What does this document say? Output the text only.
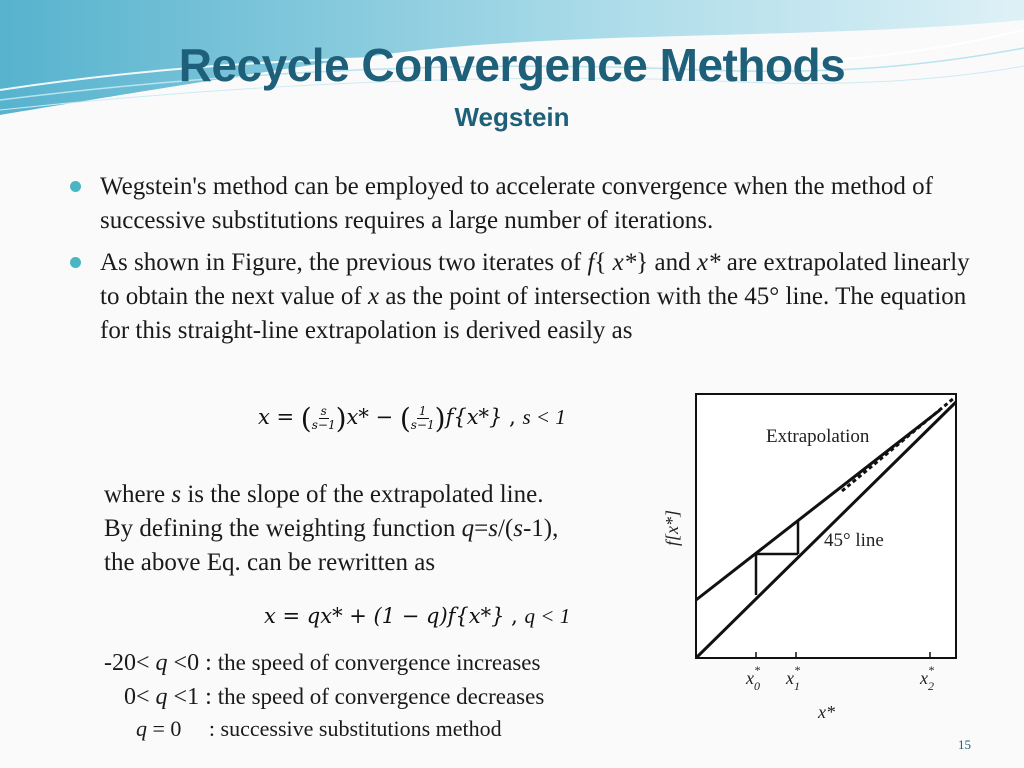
Recycle Convergence Methods
Wegstein
Wegstein's method can be employed to accelerate convergence when the method of successive substitutions requires a large number of iterations.
As shown in Figure, the previous two iterates of f{ x*} and x* are extrapolated linearly to obtain the next value of x as the point of intersection with the 45° line. The equation for this straight-line extrapolation is derived easily as
x = ( $\frac{s}{s-1} )x*$ − ( $\frac{1}{s-1} )f\{x*\}$ , s < 1
where s is the slope of the extrapolated line.
By defining the weighting function q=s/(s-1),
the above Eq. can be rewritten as
x = qx* + (1 − q)f{x*} , q < 1
-20< q <0 : the speed of convergence increases
0< q <1 : the speed of convergence decreases
q = 0     : successive substitutions method
Extrapolation
45° line
f[x*]
$x_0*$ $x_1*$	$x_2*$
x*
15
